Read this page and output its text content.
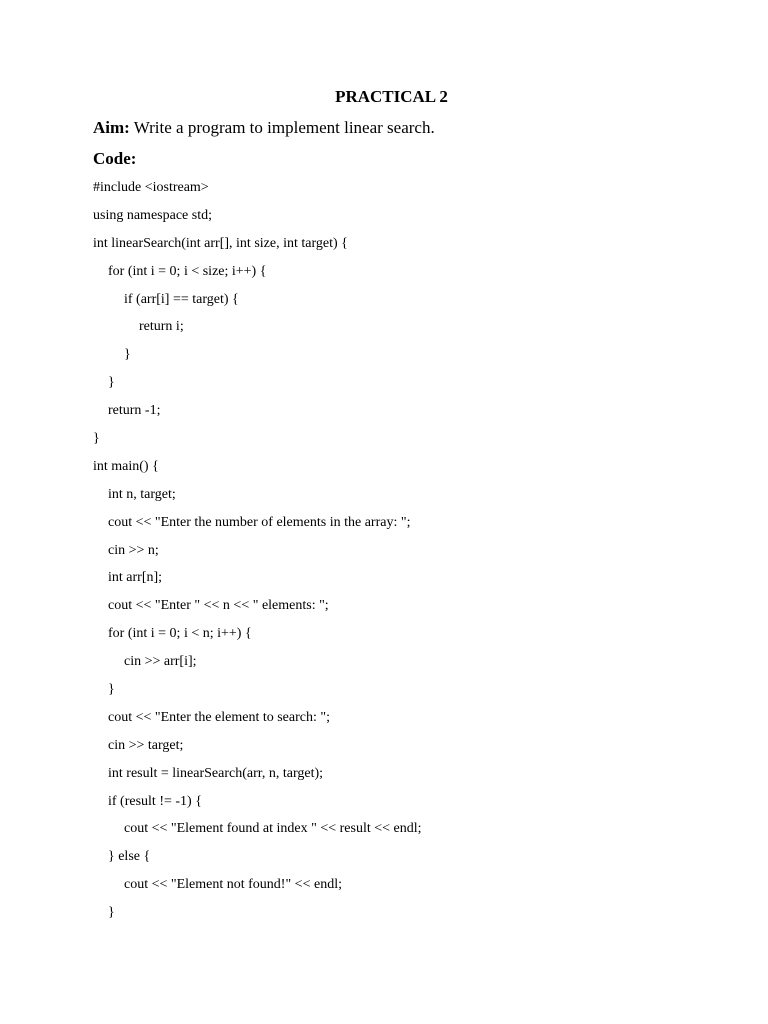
PRACTICAL 2
Aim: Write a program to implement linear search.
Code:
#include <iostream>
using namespace std;
int linearSearch(int arr[], int size, int target) {
for (int i = 0; i < size; i++) {
if (arr[i] == target) {
return i;
}
}
return -1;
}
int main() {
int n, target;
cout << "Enter the number of elements in the array: ";
cin >> n;
int arr[n];
cout << "Enter " << n << " elements: ";
for (int i = 0; i < n; i++) {
cin >> arr[i];
}
cout << "Enter the element to search: ";
cin >> target;
int result = linearSearch(arr, n, target);
if (result != -1) {
cout << "Element found at index " << result << endl;
} else {
cout << "Element not found!" << endl;
}
